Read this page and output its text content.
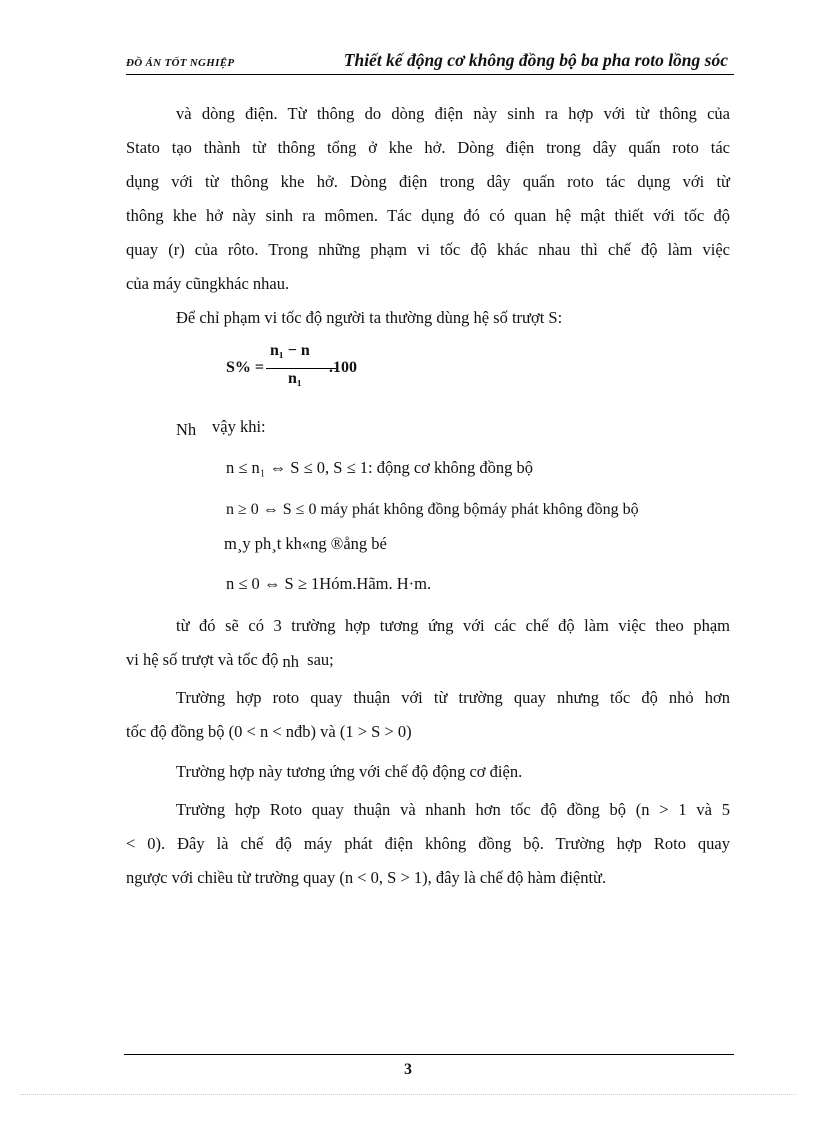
ĐỒ ÁN TỐT NGHIỆP	Thiết kế động cơ không đồng bộ ba pha roto lồng sóc
và dòng điện. Từ thông do dòng điện này sinh ra hợp với từ thông của
Stato tạo thành từ thông tổng ở khe hở. Dòng điện trong dây quấn roto tác
dụng với từ thông khe hở. Dòng điện trong dây quấn roto tác dụng với từ
thông khe hở này sinh ra mômen. Tác dụng đó có quan hệ mật thiết với tốc độ
quay (r) của rôto. Trong những phạm vi tốc độ khác nhau thì chế độ làm việc
của máy cũngkhác nhau.
Để chỉ phạm vi tốc độ người ta thường dùng hệ số trượt S:
S% =
n₁ − n
n₁
.100
Nh vậy khi:
n ≤ n₁ ⇔ S ≤ 0, S ≤ 1: động cơ không đồng bộ
n ≥ 0 ⇔ S ≤ 0 máy phát không đồng bộmáy phát không đồng bộ
m¸y ph¸t kh«ng ®ång bé
n ≤ 0 ⇔ S ≥ 1Hóm.Hãm. H·m.
từ đó sẽ có 3 trường hợp tương ứng với các chế độ làm việc theo phạm
vi hệ số trượt và tốc độ nh sau;
Trường hợp roto quay thuận với từ trường quay nhưng tốc độ nhỏ hơn
tốc độ đồng bộ (0 < n < nđb) và (1 > S > 0)
Trường hợp này tương ứng với chế độ động cơ điện.
Trường hợp Roto quay thuận và nhanh hơn tốc độ đồng bộ (n > 1 và 5
< 0). Đây là chế độ máy phát điện không đồng bộ. Trường hợp Roto quay
ngược với chiều từ trường quay (n < 0, S > 1), đây là chế độ hàm điệntừ.
3
